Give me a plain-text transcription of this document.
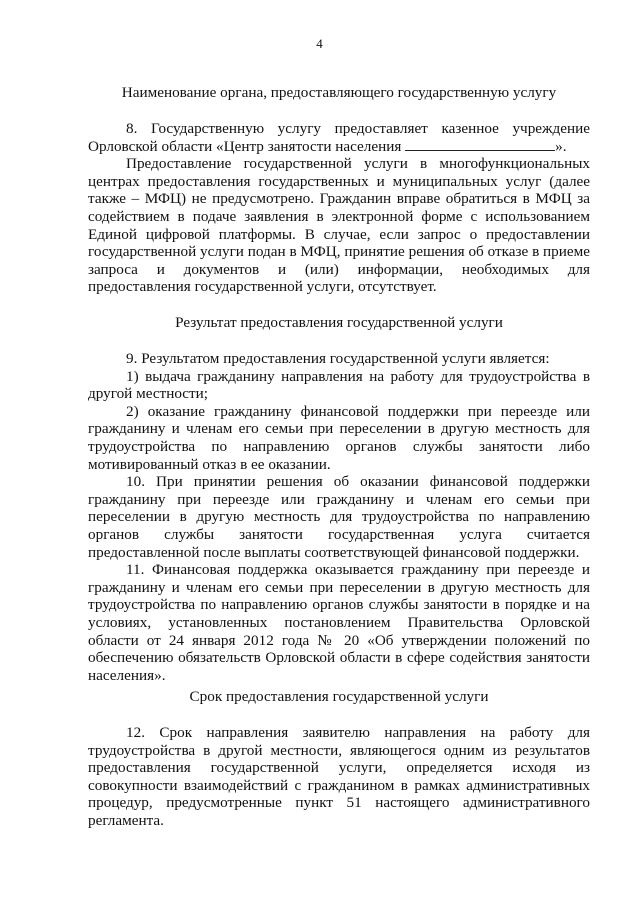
4
Наименование органа, предоставляющего государственную услугу

8. Государственную услугу предоставляет казенное учреждение Орловской области «Центр занятости населения	».

Предоставление государственной услуги в многофункциональных центрах предоставления государственных и муниципальных услуг (далее также – МФЦ) не предусмотрено. Гражданин вправе обратиться в МФЦ за содействием в подаче заявления в электронной форме с использованием Единой цифровой платформы. В случае, если запрос о предоставлении государственной услуги подан в МФЦ, принятие решения об отказе в приеме запроса и документов и (или) информации, необходимых для предоставления государственной услуги, отсутствует.

Результат предоставления государственной услуги

9. Результатом предоставления государственной услуги является:

1) выдача гражданину направления на работу для трудоустройства в другой местности;

2) оказание гражданину финансовой поддержки при переезде или гражданину и членам его семьи при переселении в другую местность для трудоустройства по направлению органов службы занятости либо мотивированный отказ в ее оказании.

10. При принятии решения об оказании финансовой поддержки гражданину при переезде или гражданину и членам его семьи при переселении в другую местность для трудоустройства по направлению органов службы занятости государственная услуга считается предоставленной после выплаты соответствующей финансовой поддержки.

11. Финансовая поддержка оказывается гражданину при переезде и гражданину и членам его семьи при переселении в другую местность для трудоустройства по направлению органов службы занятости в порядке и на условиях, установленных постановлением Правительства Орловской области от 24 января 2012 года № 20 «Об утверждении положений по обеспечению обязательств Орловской области в сфере содействия занятости населения».

Срок предоставления государственной услуги

12. Срок направления заявителю направления на работу для трудоустройства в другой местности, являющегося одним из результатов предоставления государственной услуги, определяется исходя из совокупности взаимодействий с гражданином в рамках административных процедур, предусмотренные пункт 51 настоящего административного регламента.
